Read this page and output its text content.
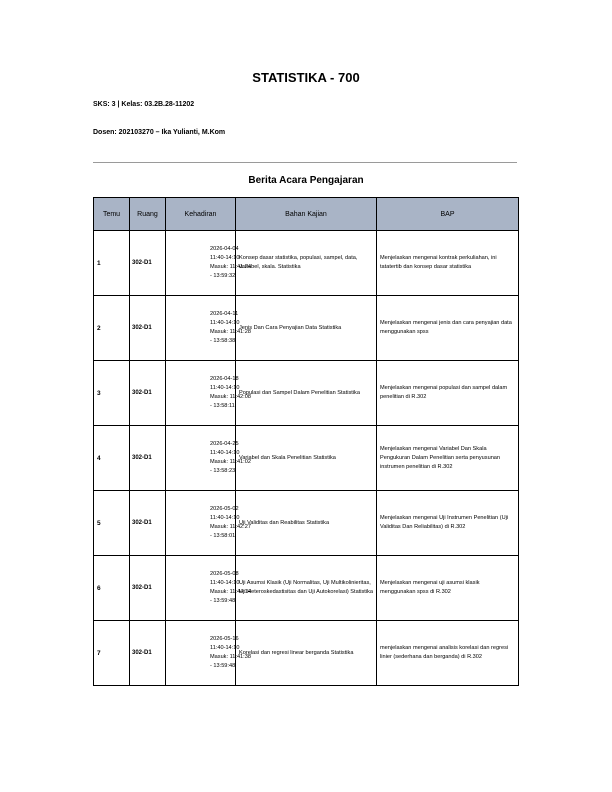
STATISTIKA - 700
SKS: 3 | Kelas: 03.2B.28-11202
Dosen: 202103270 – Ika Yulianti, M.Kom
Berita Acara Pengajaran
Temu	Ruang	Kehadiran	Bahan Kajian	BAP
1	302-D1	2026-04-04
11:40-14:10
Masuk: 11:41:24
- 13:59:32	Konsep dasar statistika, populasi, sampel, data, variabel, skala. Statistika	Menjelaskan mengenai kontrak perkuliahan, ini tatatertib dan konsep dasar statistika
2	302-D1	2026-04-11
11:40-14:10
Masuk: 11:41:28
- 13:58:38	Jenis Dan Cara Penyajian Data Statistika	Menjelaskan mengenai jenis dan cara penyajian data menggunakan spss
3	302-D1	2026-04-18
11:40-14:10
Masuk: 11:42:08
- 13:58:11	Populasi dan Sampel Dalam Penelitian Statistika	Menjelaskan mengenai populasi dan sampel dalam penelitian di R.302
4	302-D1	2026-04-25
11:40-14:10
Masuk: 11:41:02
- 13:58:23	Variabel dan Skala Penelitian Statistika	Menjelaskan mengenai Variabel Dan Skala Pengukuran Dalam Penelitian serta penyusunan instrumen penelitian di R.302
5	302-D1	2026-05-02
11:40-14:10
Masuk: 11:42:27
- 13:58:01	Uji Validitas dan Reabilitas Statistika	Menjelaskan mengenai Uji Instrumen Penelitian (Uji Validitas Dan Reliabilitas) di R.302
6	302-D1	2026-05-08
11:40-14:10
Masuk: 11:44:14
- 13:59:48	Uji Asumsi Klasik (Uji Normalitas, Uji Multikolinieritas, Uji Heteroskedastisitas dan Uji Autokorelasi) Statistika	Menjelaskan mengenai uji asumsi klasik menggunakan spss di R.302
7	302-D1	2026-05-16
11:40-14:10
Masuk: 11:41:38
- 13:59:48	Korelasi dan regresi linear berganda Statistika	menjelaskan mengenai analisis korelasi dan regresi linier (sederhana dan berganda) di R.302
